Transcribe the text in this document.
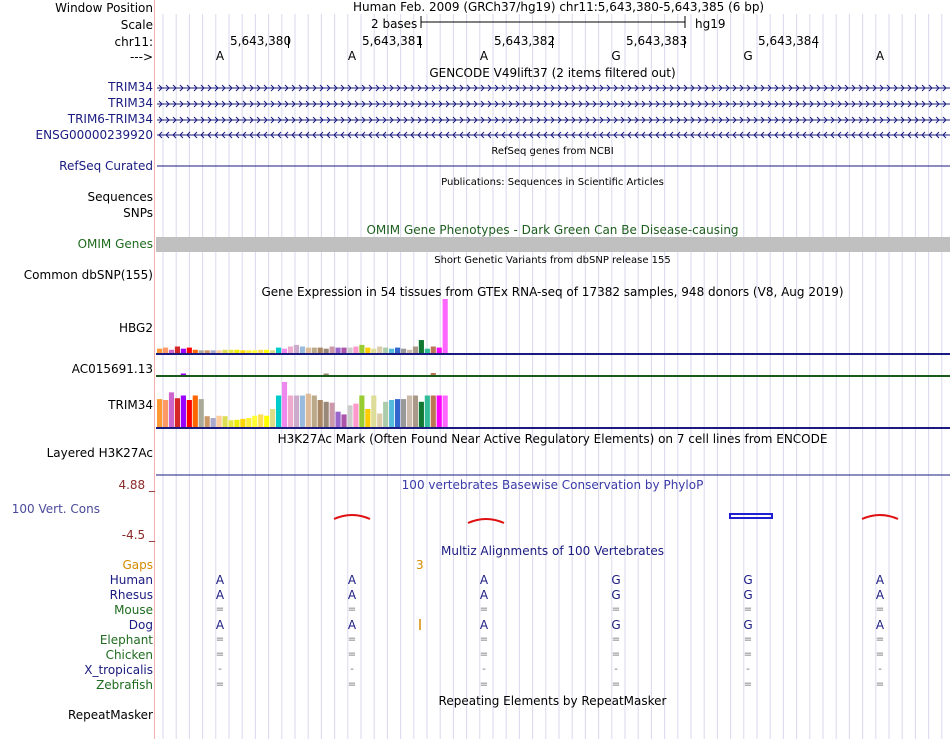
Window Position
Scale
chr11:
--->
TRIM34
TRIM34
TRIM6-TRIM34
ENSG00000239920
RefSeq Curated
Sequences
SNPs
OMIM Genes
Common dbSNP(155)
HBG2
AC015691.13
TRIM34
Layered H3K27Ac
4.88 _
100 Vert. Cons
-4.5 _
Gaps
Human
Rhesus
Mouse
Dog
Elephant
Chicken
X_tropicalis
Zebrafish
RepeatMasker
Human Feb. 2009 (GRCh37/hg19) chr11:5,643,380-5,643,385 (6 bp)
2 bases	hg19
5,643,380	5,643,381	5,643,382	5,643,383	5,643,384
A	A	A	G	G	A
GENCODE V49lift37 (2 items filtered out)
RefSeq genes from NCBI
Publications: Sequences in Scientific Articles
OMIM Gene Phenotypes - Dark Green Can Be Disease-causing
Short Genetic Variants from dbSNP release 155
Gene Expression in 54 tissues from GTEx RNA-seq of 17382 samples, 948 donors (V8, Aug 2019)
H3K27Ac Mark (Often Found Near Active Regulatory Elements) on 7 cell lines from ENCODE
100 vertebrates Basewise Conservation by PhyloP
Multiz Alignments of 100 Vertebrates
3
A	A	A	G	G	A
A	A	A	G	G	A
=	=	=	=	=	=
A	A	A	G	G	A
=	=	=	=	=	=
=	=	=	=	=	=
-	-	-	-	-	-
=	=	=	=	=	=
Repeating Elements by RepeatMasker
